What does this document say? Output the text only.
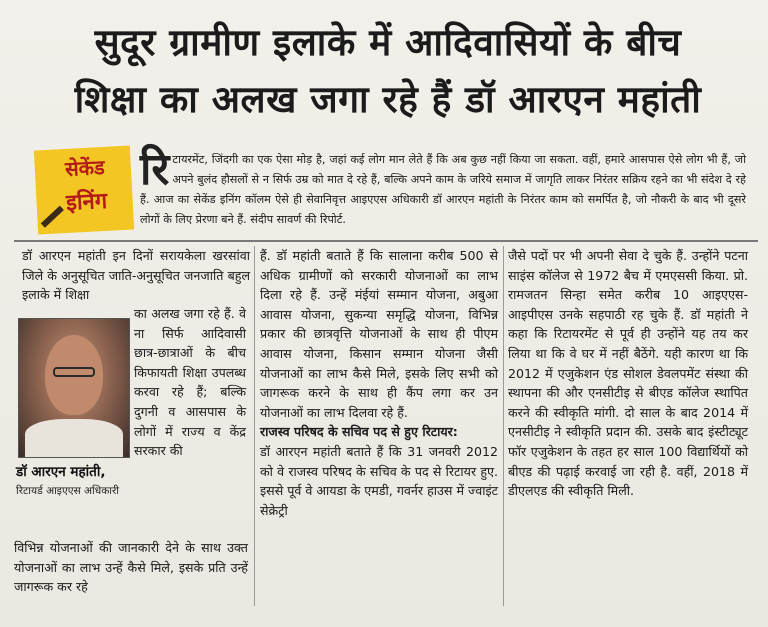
सुदूर ग्रामीण इलाके में आदिवासियों के बीच
शिक्षा का अलख जगा रहे हैं डॉ आरएन महांती
सेकेंड
इनिंग
रिटायरमेंट, जिंदगी का एक ऐसा मोड़ है, जहां कई लोग मान लेते हैं कि अब कुछ नहीं किया जा सकता. वहीं, हमारे आसपास ऐसे लोग भी हैं, जो अपने बुलंद हौसलों से न सिर्फ उम्र को मात दे रहे हैं, बल्कि अपने काम के जरिये समाज में जागृति लाकर निरंतर सक्रिय रहने का भी संदेश दे रहे हैं. आज का सेकेंड इनिंग कॉलम ऐसे ही सेवानिवृत्त आइएएस अधिकारी डॉ आरएन महांती के निरंतर काम को समर्पित है, जो नौकरी के बाद भी दूसरे लोगों के लिए प्रेरणा बने हैं. संदीप सावर्ण की रिपोर्ट.
डॉ आरएन महांती इन दिनों सरायकेला खरसांवा जिले के अनुसूचित जाति-अनुसूचित जनजाति बहुल इलाके में शिक्षा
डॉ आरएन महांती,
रिटायर्ड आइएएस अधिकारी
का अलख जगा रहे हैं. वे ना सिर्फ आदिवासी छात्र-छात्राओं के बीच किफायती शिक्षा उपलब्ध करवा रहे हैं; बल्कि दुगनी व आसपास के लोगों में राज्य व केंद्र सरकार की
विभिन्न योजनाओं की जानकारी देने के साथ उक्त योजनाओं का लाभ उन्हें कैसे मिले, इसके प्रति उन्हें जागरूक कर रहे
हैं. डॉ महांती बताते हैं कि सालाना करीब 500 से अधिक ग्रामीणों को सरकारी योजनाओं का लाभ दिला रहे हैं. उन्हें मंईयां सम्मान योजना, अबुआ आवास योजना, सुकन्या समृद्धि योजना, विभिन्न प्रकार की छात्रवृत्ति योजनाओं के साथ ही पीएम आवास योजना, किसान सम्मान योजना जैसी योजनाओं का लाभ कैसे मिले, इसके लिए सभी को जागरूक करने के साथ ही कैंप लगा कर उन योजनाओं का लाभ दिलवा रहे हैं.
राजस्व परिषद के सचिव पद से हुए रिटायर:
डॉ आरएन महांती बताते हैं कि 31 जनवरी 2012 को वे राजस्व परिषद के सचिव के पद से रिटायर हुए. इससे पूर्व वे आयडा के एमडी, गवर्नर हाउस में ज्वाइंट सेक्रेट्री
जैसे पदों पर भी अपनी सेवा दे चुके हैं. उन्होंने पटना साइंस कॉलेज से 1972 बैच में एमएससी किया. प्रो. रामजतन सिन्हा समेत करीब 10 आइएएस-आइपीएस उनके सहपाठी रह चुके हैं. डॉ महांती ने कहा कि रिटायरमेंट से पूर्व ही उन्होंने यह तय कर लिया था कि वे घर में नहीं बैठेंगे. यही कारण था कि 2012 में एजुकेशन एंड सोशल डेवलपमेंट संस्था की स्थापना की और एनसीटीइ से बीएड कॉलेज स्थापित करने की स्वीकृति मांगी. दो साल के बाद 2014 में एनसीटीइ ने स्वीकृति प्रदान की. उसके बाद इंस्टीट्यूट फॉर एजुकेशन के तहत हर साल 100 विद्यार्थियों को बीएड की पढ़ाई करवाई जा रही है. वहीं, 2018 में डीएलएड की स्वीकृति मिली.
